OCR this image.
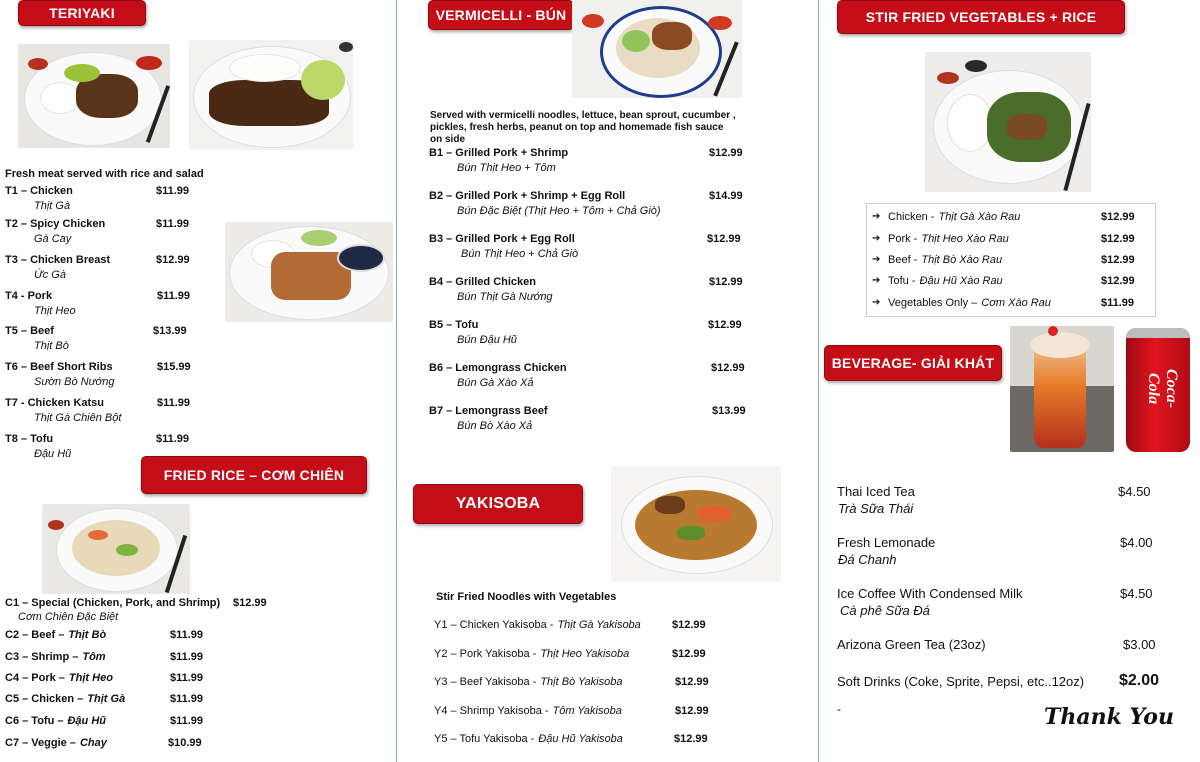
TERIYAKI
Fresh meat served with rice and salad
T1 – Chicken	$11.99
Thịt Gà
T2 – Spicy Chicken	$11.99
Gà Cay
T3 – Chicken Breast	$12.99
Ức Gà
T4 - Pork	$11.99
Thịt Heo
T5 – Beef	$13.99
Thịt Bò
T6 – Beef Short Ribs	$15.99
Sườn Bò Nướng
T7 - Chicken Katsu	$11.99
Thịt Gà Chiên Bột
T8 – Tofu	$11.99
Đậu Hũ
FRIED RICE – CƠM CHIÊN
C1 – Special (Chicken, Pork, and Shrimp) $12.99
Cơm Chiên Đặc Biệt
C2 – Beef – Thịt Bò	$11.99
C3 – Shrimp – Tôm	$11.99
C4 – Pork – Thịt Heo	$11.99
C5 – Chicken – Thịt Gà	$11.99
C6 – Tofu – Đậu Hũ	$11.99
C7 – Veggie – Chay	$10.99
VERMICELLI - BÚN
Served with vermicelli noodles, lettuce, bean sprout, cucumber ,
pickles, fresh herbs, peanut on top and homemade fish sauce
on side
B1 – Grilled Pork + Shrimp	$12.99
Bún Thịt Heo + Tôm
B2 – Grilled Pork + Shrimp + Egg Roll	$14.99
Bún Đặc Biệt (Thịt Heo + Tôm + Chả Giò)
B3 – Grilled Pork + Egg Roll	$12.99
Bún Thịt Heo + Chả Giò
B4 – Grilled Chicken	$12.99
Bún Thịt Gà Nướng
B5 – Tofu	$12.99
Bún Đậu Hũ
B6 – Lemongrass Chicken	$12.99
Bún Gà Xào Xả
B7 – Lemongrass Beef	$13.99
Bún Bò Xào Xả
YAKISOBA
Stir Fried Noodles with Vegetables
Y1 – Chicken Yakisoba - Thịt Gà Yakisoba	$12.99
Y2 – Pork Yakisoba - Thịt Heo Yakisoba	$12.99
Y3 – Beef Yakisoba - Thịt Bò Yakisoba	$12.99
Y4 – Shrimp Yakisoba - Tôm Yakisoba	$12.99
Y5 – Tofu Yakisoba - Đậu Hũ Yakisoba	$12.99
STIR FRIED VEGETABLES + RICE
➔ Chicken - Thịt Gà Xào Rau	$12.99
➔ Pork - Thịt Heo Xào Rau	$12.99
➔ Beef - Thịt Bò Xào Rau	$12.99
➔ Tofu - Đậu Hũ Xào Rau	$12.99
➔ Vegetables Only – Cơm Xào Rau	$11.99
BEVERAGE- GIẢI KHÁT
Coca-Cola
Thai Iced Tea	$4.50
Trà Sữa Thái
Fresh Lemonade	$4.00
Đá Chanh
Ice Coffee With Condensed Milk	$4.50
Cà phê Sữa Đá
Arizona Green Tea (23oz)	$3.00
Soft Drinks (Coke, Sprite, Pepsi, etc..12oz) $2.00
-	Thank You
